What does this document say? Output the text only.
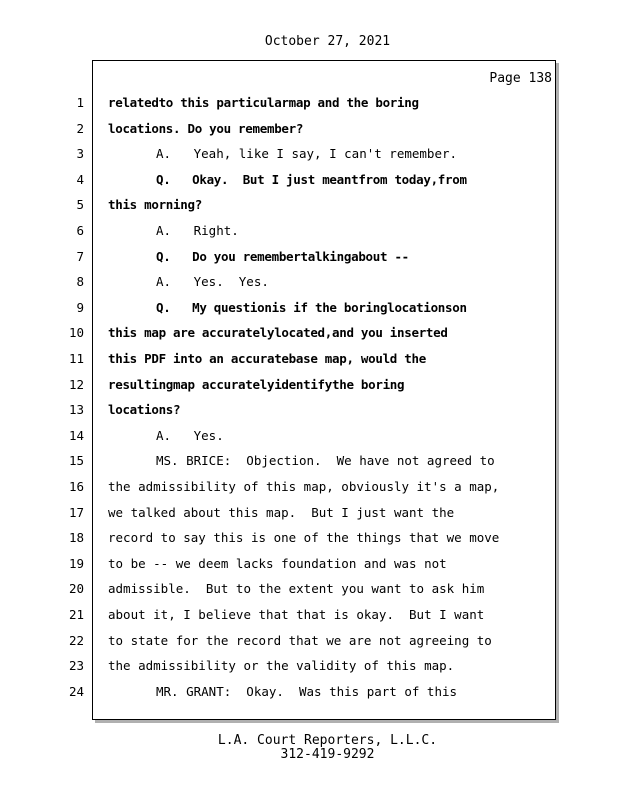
October 27, 2021
Page 138
1 relatedto this particularmap and the boring
2 locations. Do you remember?
3	A.   Yeah, like I say, I can't remember.
4	Q.   Okay.  But I just meantfrom today,from
5 this morning?
6	A.   Right.
7	Q.   Do you remembertalkingabout --
8	A.   Yes.  Yes.
9	Q.   My questionis if the boringlocationson
10 this map are accuratelylocated,and you inserted
11 this PDF into an accuratebase map, would the
12 resultingmap accuratelyidentifythe boring
13 locations?
14	A.   Yes.
15	MS. BRICE:  Objection.  We have not agreed to
16 the admissibility of this map, obviously it's a map,
17 we talked about this map.  But I just want the
18 record to say this is one of the things that we move
19 to be -- we deem lacks foundation and was not
20 admissible.  But to the extent you want to ask him
21 about it, I believe that that is okay.  But I want
22 to state for the record that we are not agreeing to
23 the admissibility or the validity of this map.
24	MR. GRANT:  Okay.  Was this part of this
L.A. Court Reporters, L.L.C.
312-419-9292
